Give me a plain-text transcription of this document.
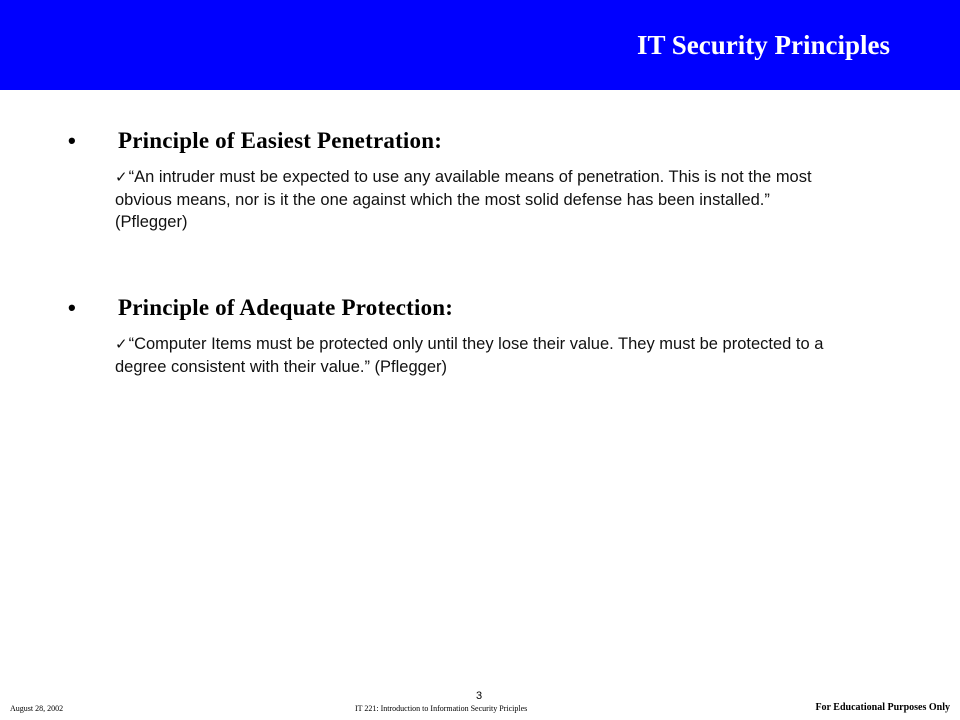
IT Security Principles
•	Principle of Easiest Penetration:
✓“An intruder must be expected to use any available means of penetration. This is not the most obvious means, nor is it the one against which the most solid defense has been installed.” (Pflegger)
•	Principle of Adequate Protection:
✓“Computer Items must be protected only until they lose their value. They must be protected to a degree consistent with their value.” (Pflegger)
3
August 28, 2002	IT 221: Introduction to Information Security Priciples	For Educational Purposes Only
